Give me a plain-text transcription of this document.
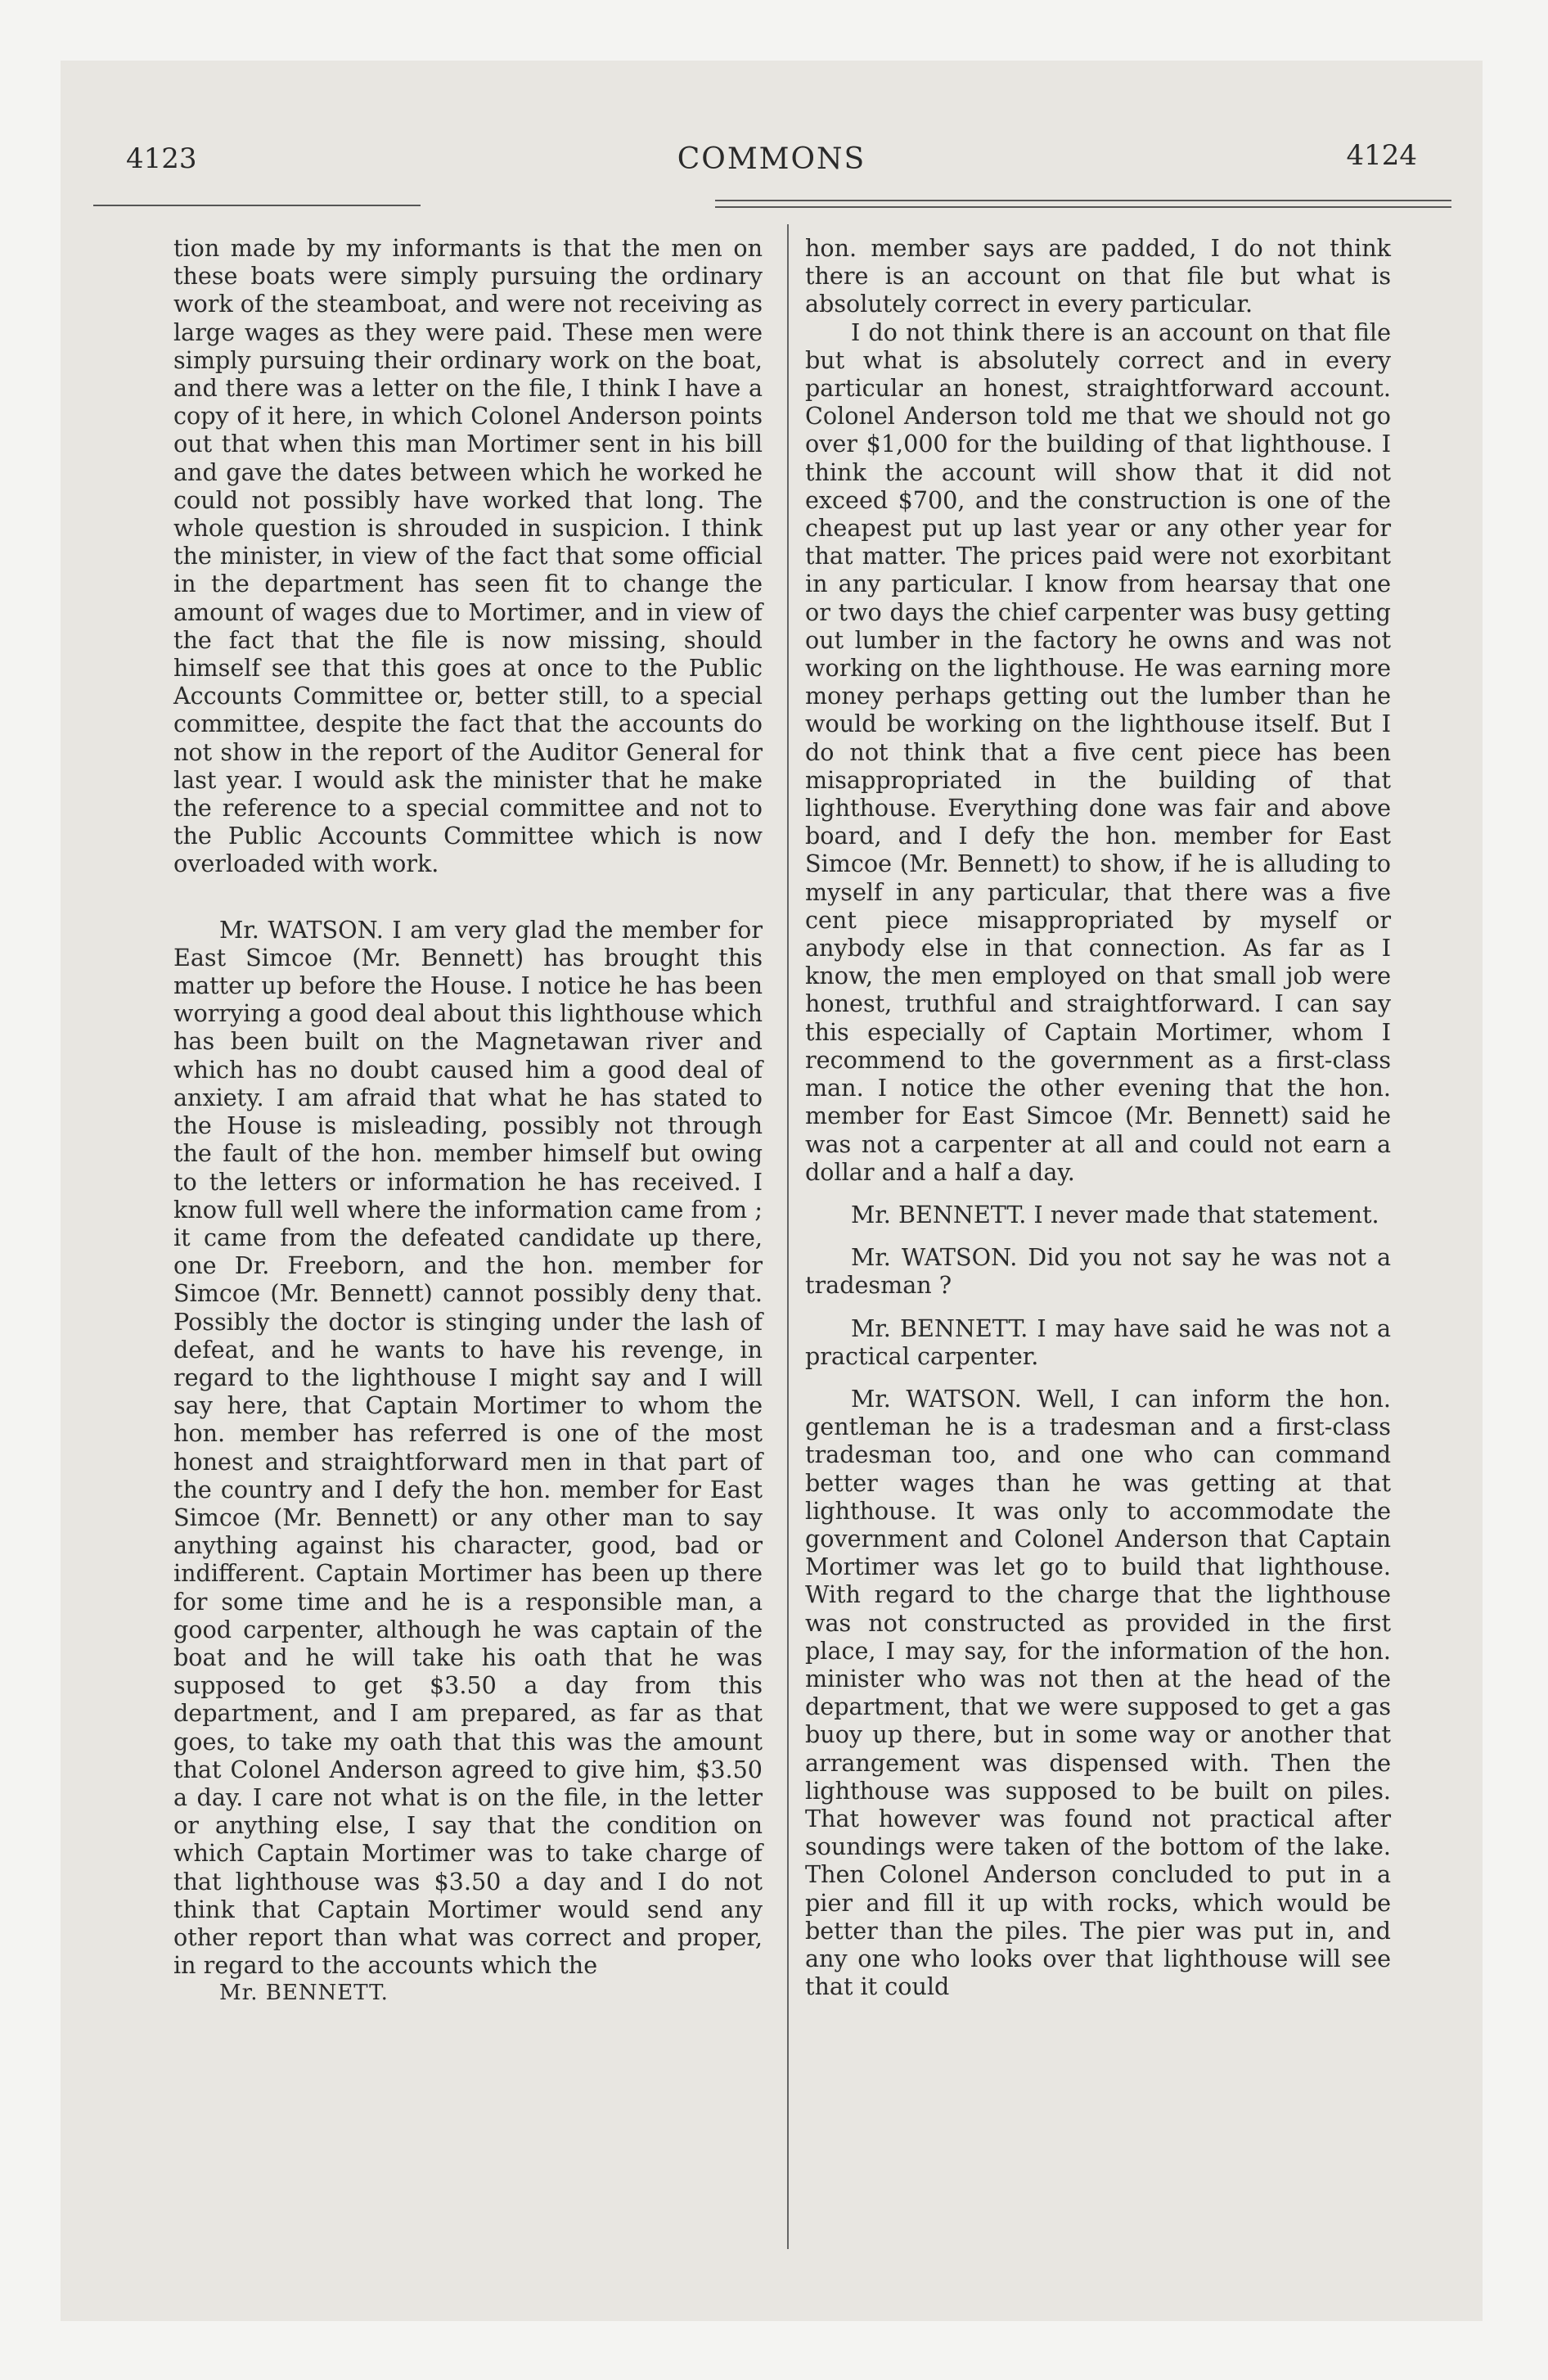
4123	COMMONS	4124

tion made by my informants is that the men on these boats were simply pursuing the ordinary work of the steamboat, and were not receiving as large wages as they were paid. These men were simply pursuing their ordinary work on the boat, and there was a letter on the file, I think I have a copy of it here, in which Colonel Anderson points out that when this man Mortimer sent in his bill and gave the dates between which he worked he could not possibly have worked that long. The whole question is shrouded in suspicion. I think the minister, in view of the fact that some official in the department has seen fit to change the amount of wages due to Mortimer, and in view of the fact that the file is now missing, should himself see that this goes at once to the Public Accounts Committee or, better still, to a special committee, despite the fact that the accounts do not show in the report of the Auditor General for last year. I would ask the minister that he make the reference to a special committee and not to the Public Accounts Committee which is now overloaded with work.

Mr. WATSON. I am very glad the member for East Simcoe (Mr. Bennett) has brought this matter up before the House. I notice he has been worrying a good deal about this lighthouse which has been built on the Magnetawan river and which has no doubt caused him a good deal of anxiety. I am afraid that what he has stated to the House is misleading, possibly not through the fault of the hon. member himself but owing to the letters or information he has received. I know full well where the information came from ; it came from the defeated candidate up there, one Dr. Freeborn, and the hon. member for Simcoe (Mr. Bennett) cannot possibly deny that. Possibly the doctor is stinging under the lash of defeat, and he wants to have his revenge, in regard to the lighthouse I might say and I will say here, that Captain Mortimer to whom the hon. member has referred is one of the most honest and straightforward men in that part of the country and I defy the hon. member for East Simcoe (Mr. Bennett) or any other man to say anything against his character, good, bad or indifferent. Captain Mortimer has been up there for some time and he is a responsible man, a good carpenter, although he was captain of the boat and he will take his oath that he was supposed to get $3.50 a day from this department, and I am prepared, as far as that goes, to take my oath that this was the amount that Colonel Anderson agreed to give him, $3.50 a day. I care not what is on the file, in the letter or anything else, I say that the condition on which Captain Mortimer was to take charge of that lighthouse was $3.50 a day and I do not think that Captain Mortimer would send any other report than what was correct and proper, in regard to the accounts which the

Mr. BENNETT.

hon. member says are padded, I do not think there is an account on that file but what is absolutely correct in every particular.

I do not think there is an account on that file but what is absolutely correct and in every particular an honest, straightforward account. Colonel Anderson told me that we should not go over $1,000 for the building of that lighthouse. I think the account will show that it did not exceed $700, and the construction is one of the cheapest put up last year or any other year for that matter. The prices paid were not exorbitant in any particular. I know from hearsay that one or two days the chief carpenter was busy getting out lumber in the factory he owns and was not working on the lighthouse. He was earning more money perhaps getting out the lumber than he would be working on the lighthouse itself. But I do not think that a five cent piece has been misappropriated in the building of that lighthouse. Everything done was fair and above board, and I defy the hon. member for East Simcoe (Mr. Bennett) to show, if he is alluding to myself in any particular, that there was a five cent piece misappropriated by myself or anybody else in that connection. As far as I know, the men employed on that small job were honest, truthful and straightforward. I can say this especially of Captain Mortimer, whom I recommend to the government as a first-class man. I notice the other evening that the hon. member for East Simcoe (Mr. Bennett) said he was not a carpenter at all and could not earn a dollar and a half a day.

Mr. BENNETT. I never made that statement.

Mr. WATSON. Did you not say he was not a tradesman ?

Mr. BENNETT. I may have said he was not a practical carpenter.

Mr. WATSON. Well, I can inform the hon. gentleman he is a tradesman and a first-class tradesman too, and one who can command better wages than he was getting at that lighthouse. It was only to accommodate the government and Colonel Anderson that Captain Mortimer was let go to build that lighthouse. With regard to the charge that the lighthouse was not constructed as provided in the first place, I may say, for the information of the hon. minister who was not then at the head of the department, that we were supposed to get a gas buoy up there, but in some way or another that arrangement was dispensed with. Then the lighthouse was supposed to be built on piles. That however was found not practical after soundings were taken of the bottom of the lake. Then Colonel Anderson concluded to put in a pier and fill it up with rocks, which would be better than the piles. The pier was put in, and any one who looks over that lighthouse will see that it could
